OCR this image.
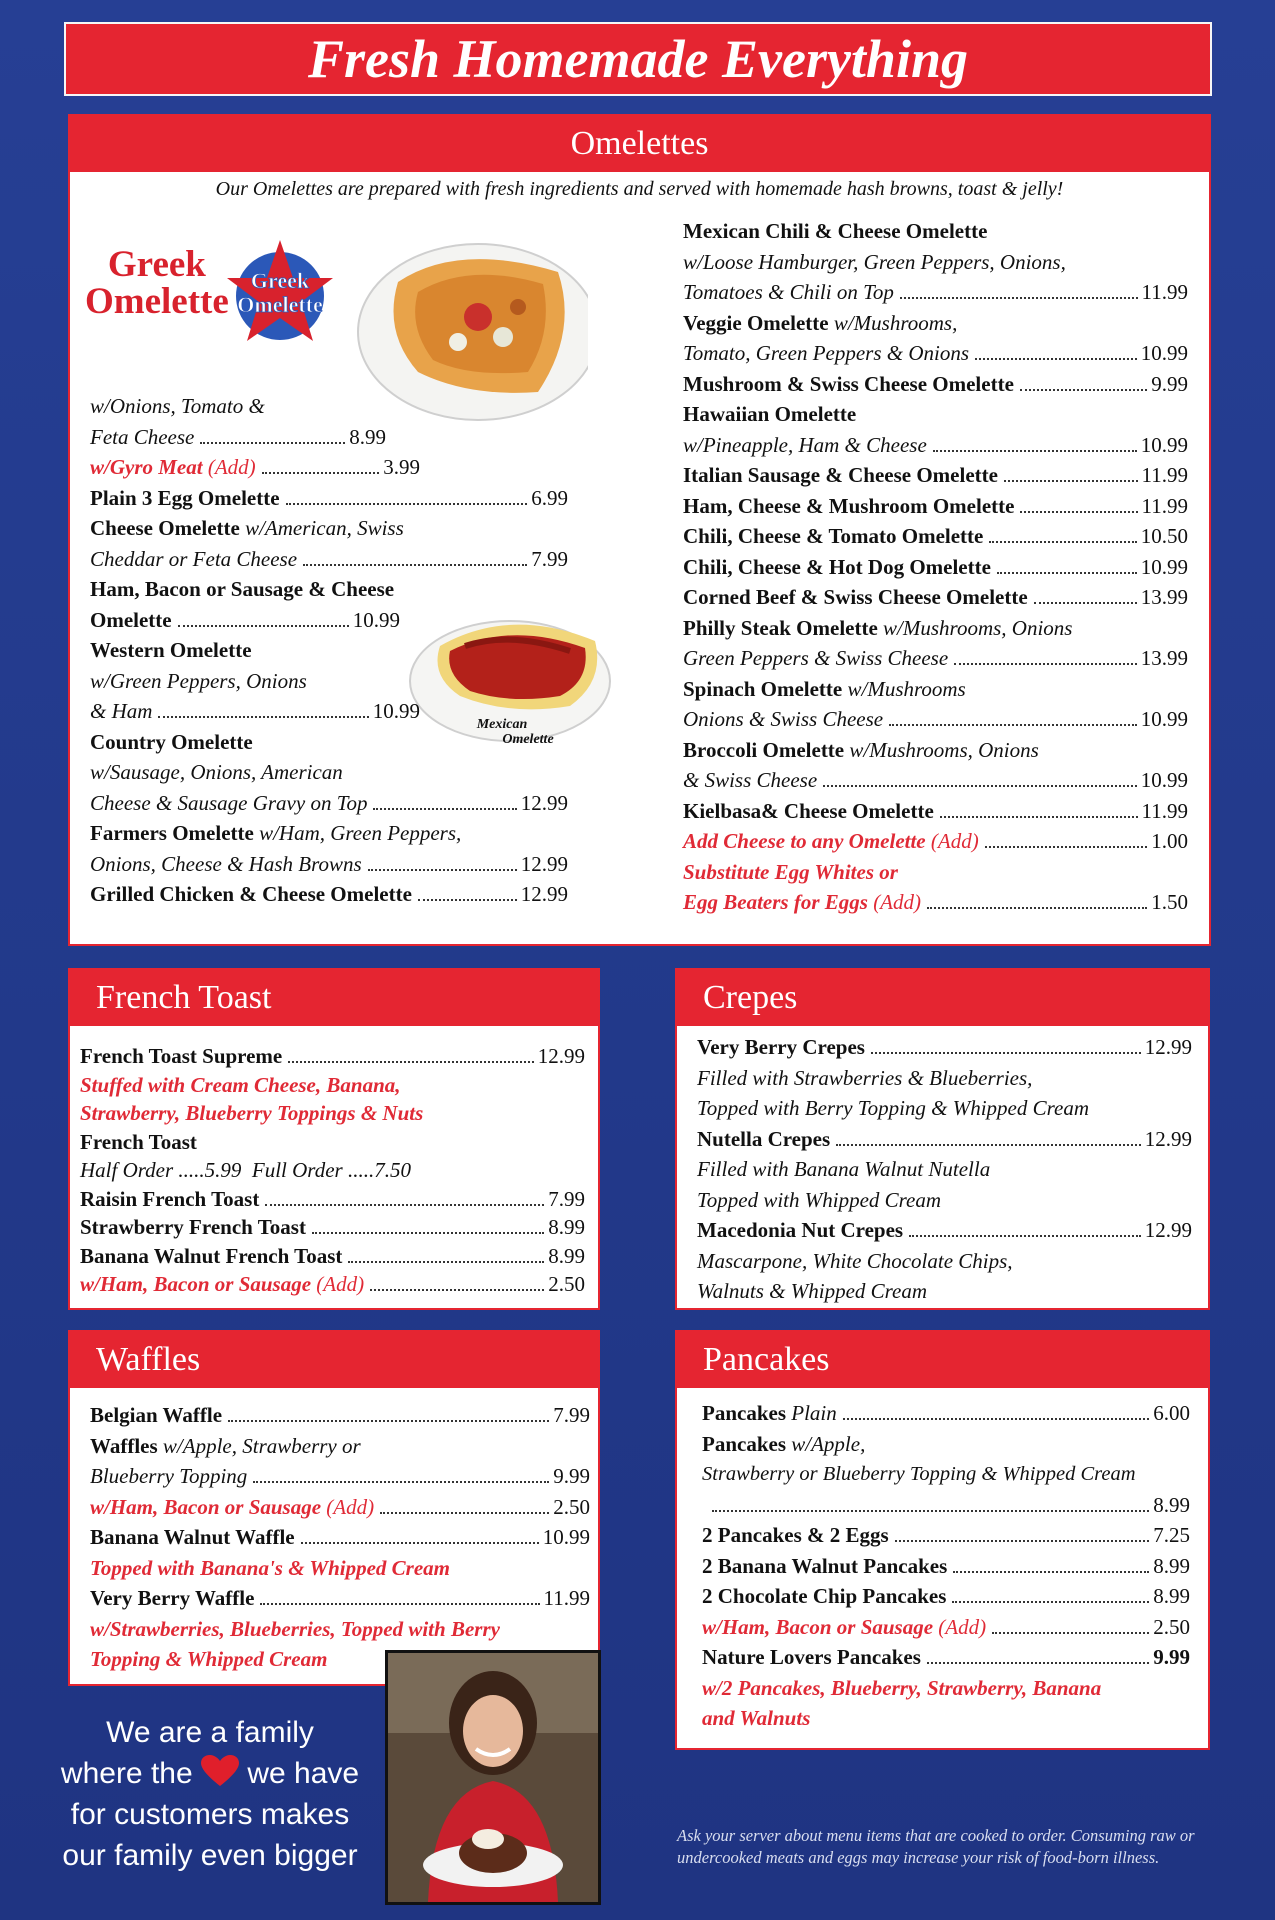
Fresh Homemade Everything
Omelettes
Our Omelettes are prepared with fresh ingredients and served with homemade hash browns, toast & jelly!
Greek
Omelette
Greek
Omelette
Mexican
Omelette
w/Onions, Tomato &
Feta Cheese	8.99
w/Gyro Meat
(Add)	3.99
Plain 3 Egg Omelette	6.99
Cheese Omelette w/American, Swiss
Cheddar or Feta Cheese	7.99
Ham, Bacon or Sausage & Cheese
Omelette	10.99
Western Omelette
w/Green Peppers, Onions
& Ham	10.99
Country Omelette
w/Sausage, Onions, American
Cheese & Sausage Gravy on Top	12.99
Farmers Omelette w/Ham, Green Peppers,
Onions, Cheese & Hash Browns	12.99
Grilled Chicken & Cheese Omelette	12.99
Mexican Chili & Cheese Omelette
w/Loose Hamburger, Green Peppers, Onions,
Tomatoes & Chili on Top	11.99
Veggie Omelette w/Mushrooms,
Tomato, Green Peppers & Onions	10.99
Mushroom & Swiss Cheese Omelette	9.99
Hawaiian Omelette
w/Pineapple, Ham & Cheese	10.99
Italian Sausage & Cheese Omelette	11.99
Ham, Cheese & Mushroom Omelette	11.99
Chili, Cheese & Tomato Omelette	10.50
Chili, Cheese & Hot Dog Omelette	10.99
Corned Beef & Swiss Cheese Omelette	13.99
Philly Steak Omelette w/Mushrooms, Onions
Green Peppers & Swiss Cheese	13.99
Spinach Omelette w/Mushrooms
Onions & Swiss Cheese	10.99
Broccoli Omelette w/Mushrooms, Onions
& Swiss Cheese	10.99
Kielbasa& Cheese Omelette	11.99
Add Cheese to any Omelette
(Add)	1.00
Substitute Egg Whites or
Egg Beaters for Eggs
(Add)	1.50
French Toast
French Toast Supreme	12.99
Stuffed with Cream Cheese, Banana,
Strawberry, Blueberry Toppings & Nuts
French Toast
Half Order .....5.99 Full Order .....7.50
Raisin French Toast	7.99
Strawberry French Toast	8.99
Banana Walnut French Toast	8.99
w/Ham, Bacon or Sausage
(Add)	2.50
Crepes
Very Berry Crepes	12.99
Filled with Strawberries & Blueberries,
Topped with Berry Topping & Whipped Cream
Nutella Crepes	12.99
Filled with Banana Walnut Nutella
Topped with Whipped Cream
Macedonia Nut Crepes	12.99
Mascarpone, White Chocolate Chips,
Walnuts & Whipped Cream
Waffles
Belgian Waffle	7.99
Waffles w/Apple, Strawberry or
Blueberry Topping	9.99
w/Ham, Bacon or Sausage
(Add)	2.50
Banana Walnut Waffle	10.99
Topped with Banana's & Whipped Cream
Very Berry Waffle	11.99
w/Strawberries, Blueberries, Topped with Berry
Topping & Whipped Cream
Pancakes
Pancakes
Plain	6.00
Pancakes w/Apple,
Strawberry or Blueberry Topping & Whipped Cream
8.99
2 Pancakes & 2 Eggs	7.25
2 Banana Walnut Pancakes	8.99
2 Chocolate Chip Pancakes	8.99
w/Ham, Bacon or Sausage
(Add)	2.50
Nature Lovers Pancakes	9.99
w/2 Pancakes, Blueberry, Strawberry, Banana
and Walnuts
We are a family
where the we have
for customers makes
our family even bigger
Ask your server about menu items that are cooked to order. Consuming raw or undercooked meats and eggs may increase your risk of food-born illness.
